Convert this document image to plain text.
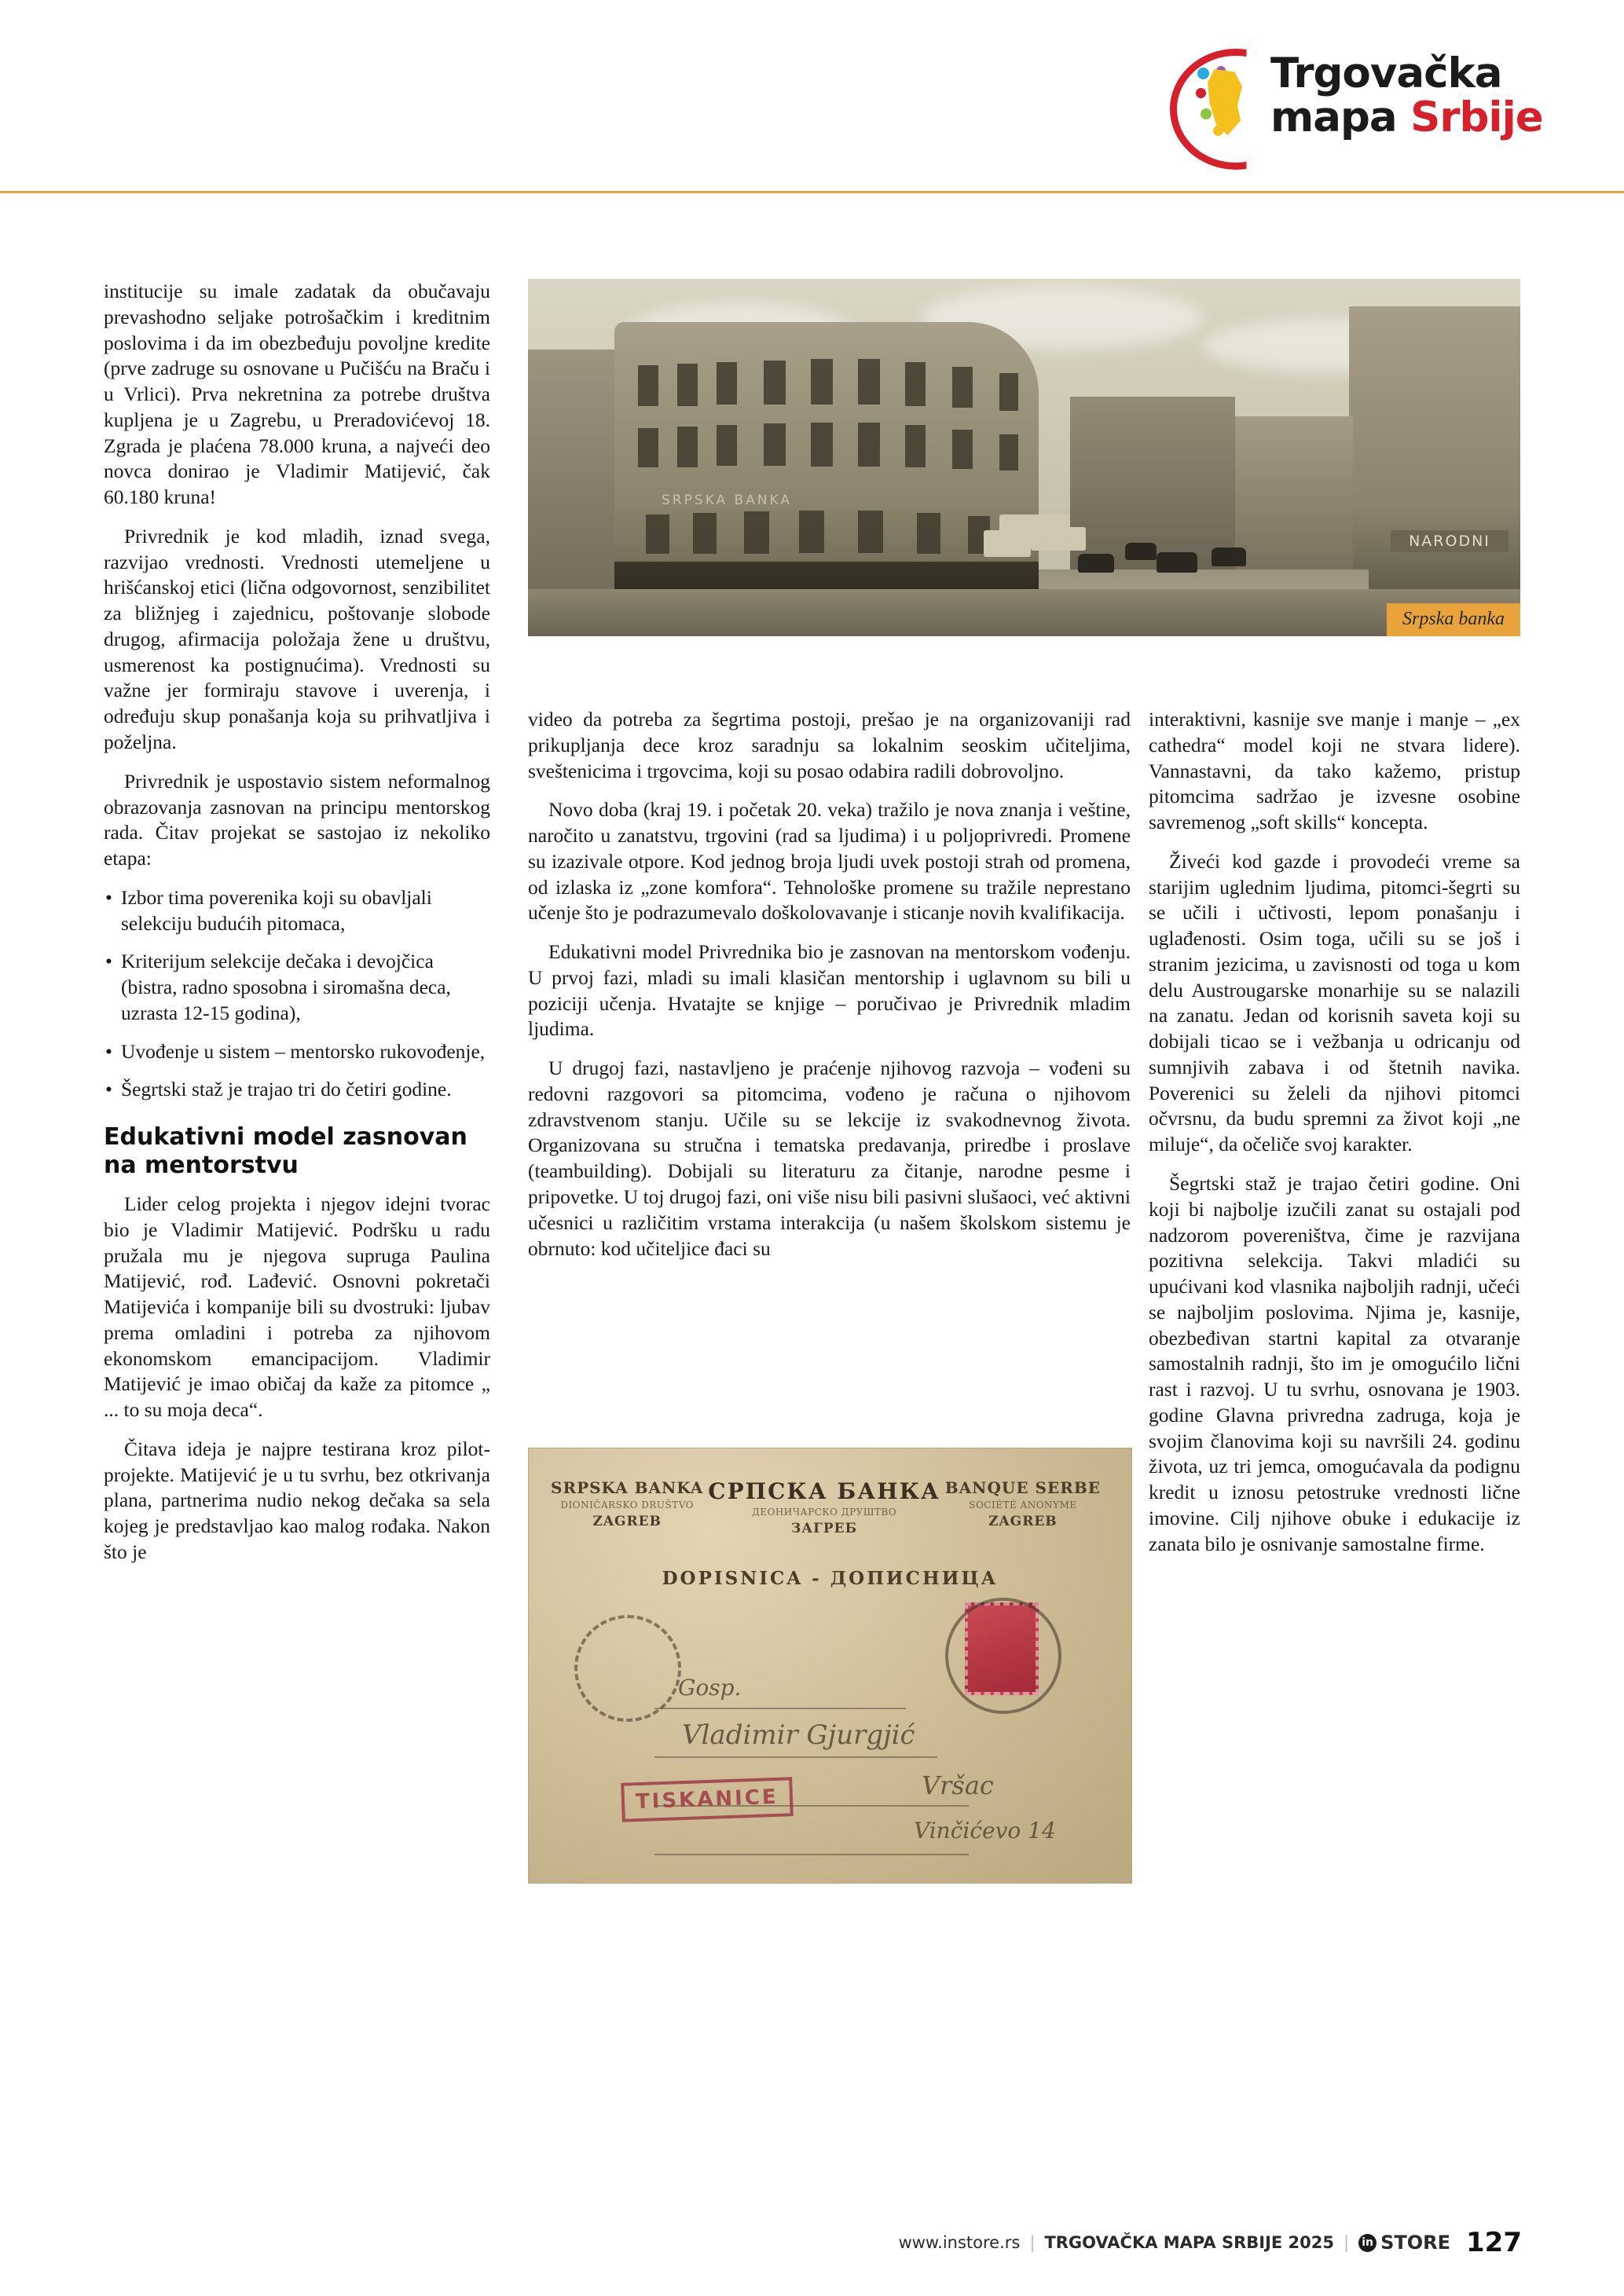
Trgovačka
mapa Srbije
SRPSKA BANKA
NARODNI
Srpska banka

institucije su imale zadatak da obučavaju prevashodno seljake potrošačkim i kreditnim poslovima i da im obezbeđuju povoljne kredite (prve zadruge su osnovane u Pučišću na Braču i u Vrlici). Prva nekretnina za potrebe društva kupljena je u Zagrebu, u Preradovićevoj 18. Zgrada je plaćena 78.000 kruna, a najveći deo novca donirao je Vladimir Matijević, čak 60.180 kruna!

Privrednik je kod mladih, iznad svega, razvijao vrednosti. Vrednosti utemeljene u hrišćanskoj etici (lična odgovornost, senzibilitet za bližnjeg i zajednicu, poštovanje slobode drugog, afirmacija položaja žene u društvu, usmerenost ka postignućima). Vrednosti su važne jer formiraju stavove i uverenja, i određuju skup ponašanja koja su prihvatljiva i poželjna.

Privrednik je uspostavio sistem neformalnog obrazovanja zasnovan na principu mentorskog rada. Čitav projekat se sastojao iz nekoliko etapa:

• Izbor tima poverenika koji su obavljali selekciju budućih pitomaca,
• Kriterijum selekcije dečaka i devojčica (bistra, radno sposobna i siromašna deca, uzrasta 12-15 godina),
• Uvođenje u sistem – mentorsko rukovođenje,
• Šegrtski staž je trajao tri do četiri godine.
Edukativni model zasnovan na mentorstvu

Lider celog projekta i njegov idejni tvorac bio je Vladimir Matijević. Podršku u radu pružala mu je njegova supruga Paulina Matijević, rođ. Lađević. Osnovni pokretači Matijevića i kompanije bili su dvostruki: ljubav prema omladini i potreba za njihovom ekonomskom emancipacijom. Vladimir Matijević je imao običaj da kaže za pitomce „ ... to su moja deca“.

Čitava ideja je najpre testirana kroz pilot-projekte. Matijević je u tu svrhu, bez otkrivanja plana, partnerima nudio nekog dečaka sa sela kojeg je predstavljao kao malog rođaka. Nakon što je

video da potreba za šegrtima postoji, prešao je na organizovaniji rad prikupljanja dece kroz saradnju sa lokalnim seoskim učiteljima, sveštenicima i trgovcima, koji su posao odabira radili dobrovoljno.

Novo doba (kraj 19. i početak 20. veka) tražilo je nova znanja i veštine, naročito u zanatstvu, trgovini (rad sa ljudima) i u poljoprivredi. Promene su izazivale otpore. Kod jednog broja ljudi uvek postoji strah od promena, od izlaska iz „zone komfora“. Tehnološke promene su tražile neprestano učenje što je podrazumevalo doškolovavanje i sticanje novih kvalifikacija.

Edukativni model Privrednika bio je zasnovan na mentorskom vođenju. U prvoj fazi, mladi su imali klasičan mentorship i uglavnom su bili u poziciji učenja. Hvatajte se knjige – poručivao je Privrednik mladim ljudima.

U drugoj fazi, nastavljeno je praćenje njihovog razvoja – vođeni su redovni razgovori sa pitomcima, vođeno je računa o njihovom zdravstvenom stanju. Učile su se lekcije iz svakodnevnog života. Organizovana su stručna i tematska predavanja, priredbe i proslave (teambuilding). Dobijali su literaturu za čitanje, narodne pesme i pripovetke. U toj drugoj fazi, oni više nisu bili pasivni slušaoci, već aktivni učesnici u različitim vrstama interakcija (u našem školskom sistemu je obrnuto: kod učiteljice đaci su

interaktivni, kasnije sve manje i manje – „ex cathedra“ model koji ne stvara lidere). Vannastavni, da tako kažemo, pristup pitomcima sadržao je izvesne osobine savremenog „soft skills“ koncepta.

Živeći kod gazde i provodeći vreme sa starijim uglednim ljudima, pitomci-šegrti su se učili i učtivosti, lepom ponašanju i uglađenosti. Osim toga, učili su se još i stranim jezicima, u zavisnosti od toga u kom delu Austrougarske monarhije su se nalazili na zanatu. Jedan od korisnih saveta koji su dobijali ticao se i vežbanja u odricanju od sumnjivih zabava i od štetnih navika. Poverenici su želeli da njihovi pitomci očvrsnu, da budu spremni za život koji „ne miluje“, da očeliče svoj karakter.

Šegrtski staž je trajao četiri godine. Oni koji bi najbolje izučili zanat su ostajali pod nadzorom povereništva, čime je razvijana pozitivna selekcija. Takvi mladići su upućivani kod vlasnika najboljih radnji, učeći se najboljim poslovima. Njima je, kasnije, obezbeđivan startni kapital za otvaranje samostalnih radnji, što im je omogućilo lični rast i razvoj. U tu svrhu, osnovana je 1903. godine Glavna privredna zadruga, koja je svojim članovima koji su navršili 24. godinu života, uz tri jemca, omogućavala da podignu kredit u iznosu petostruke vrednosti lične imovine. Cilj njihove obuke i edukacije iz zanata bilo je osnivanje samostalne firme.

SRPSKA BANKA
DIONIČARSKO DRUŠTVO
ZAGREB
СРПСКА БАНКА
ДЕОНИЧАРСКО ДРУШТВО
ЗАГРЕБ
BANQUE SERBE
SOCIÉTÉ ANONYME
ZAGREB
DOPISNICA - ДОПИСНИЦА
Gosp.
Vladimir Gjurgjić
Vršac
Vinčićevo 14
TISKANICE
www.instore.rs | TRGOVAČKA MAPA SRBIJE 2025 | in STORE 127
